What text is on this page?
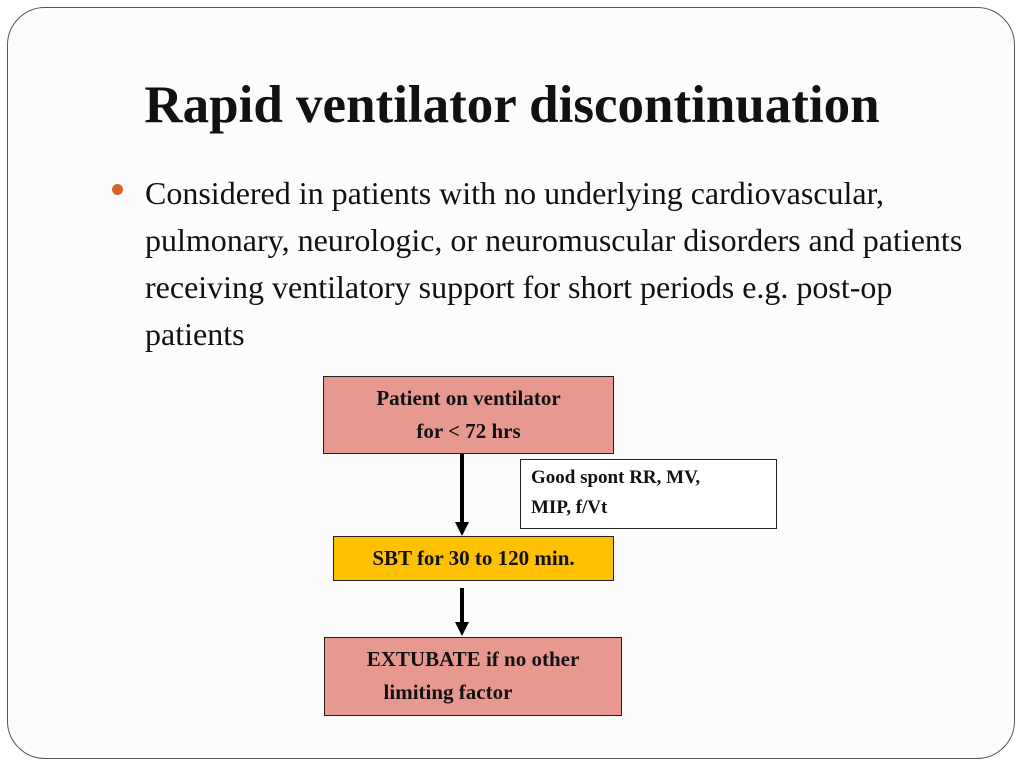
Rapid ventilator discontinuation
Considered in patients with no underlying cardiovascular, pulmonary, neurologic, or neuromuscular disorders and patients receiving ventilatory support for short periods e.g. post-op patients
Patient on ventilator
for < 72 hrs
Good spont RR, MV,
MIP, f/Vt
SBT for 30 to 120 min.
EXTUBATE if no other
limiting factor
